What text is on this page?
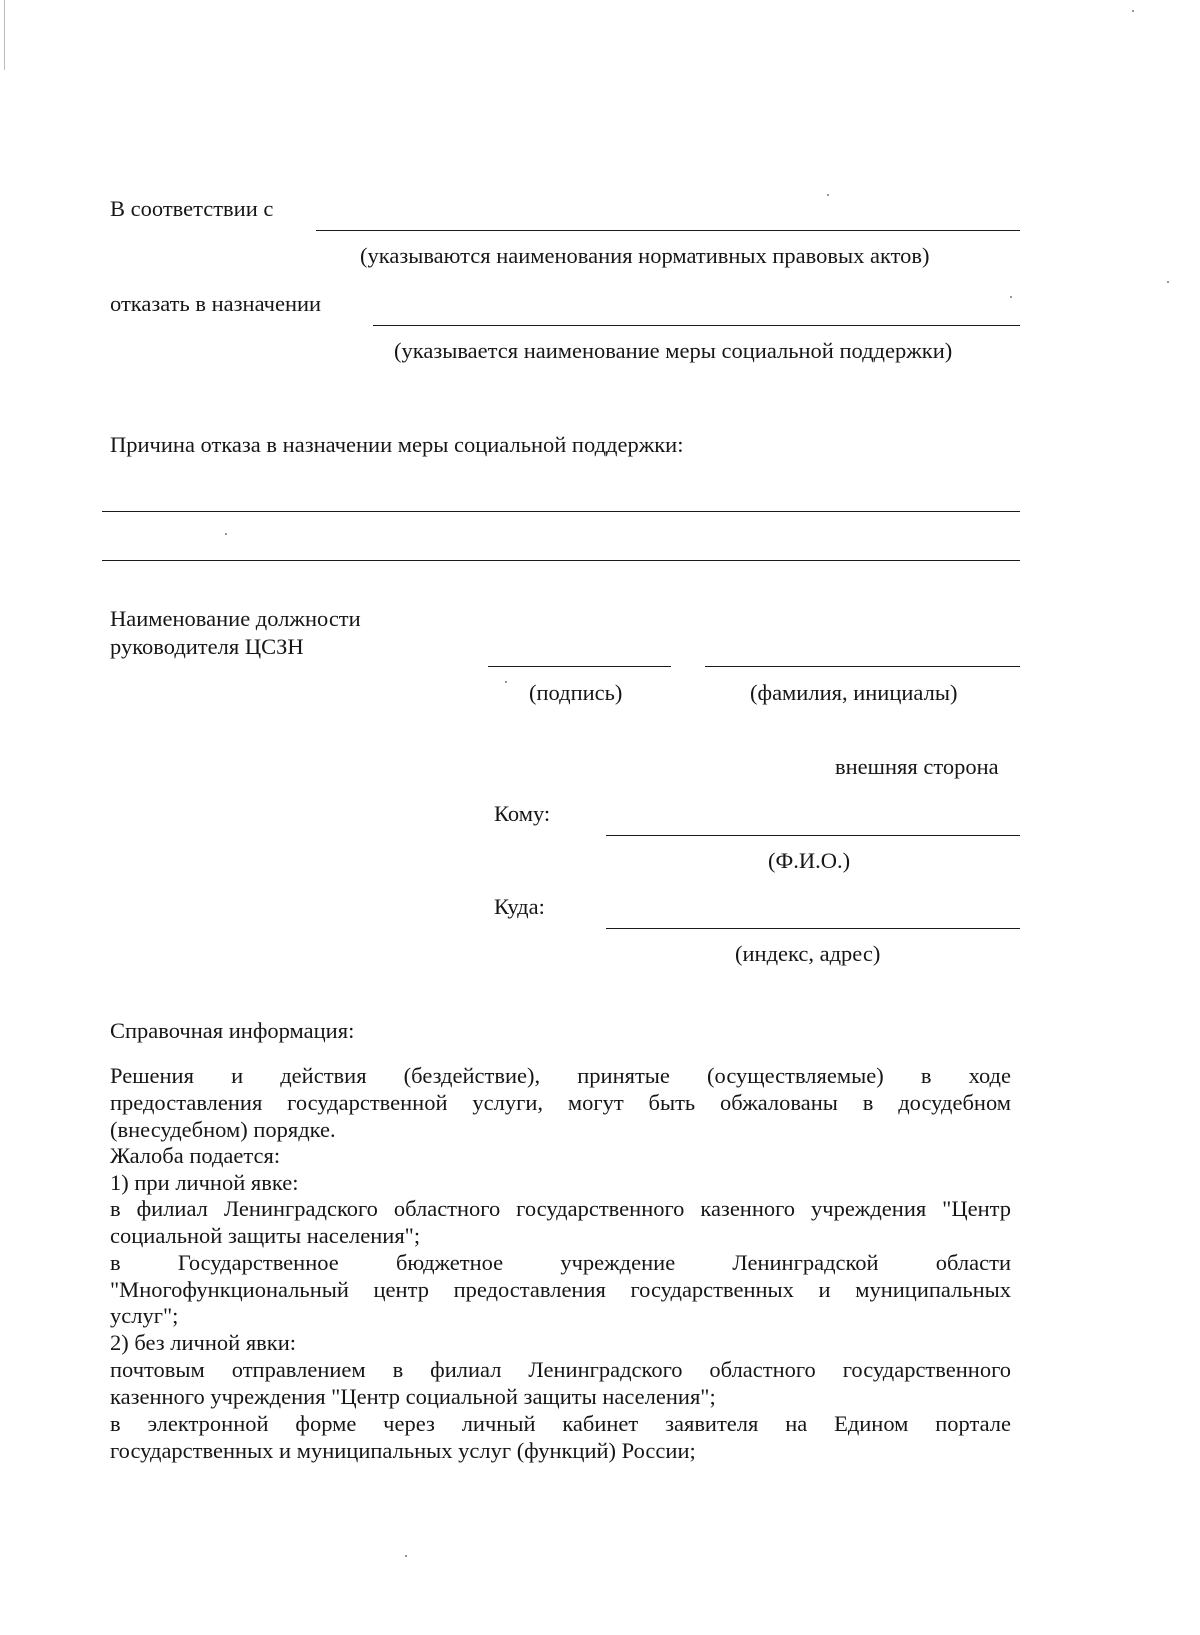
В соответствии с
(указываются наименования нормативных правовых актов)
отказать в назначении
(указывается наименование меры социальной поддержки)
Причина отказа в назначении меры социальной поддержки:
Наименование должности
руководителя ЦСЗН
(подпись)	(фамилия, инициалы)
внешняя сторона
Кому:
(Ф.И.О.)
Куда:
(индекс, адрес)
Справочная информация:
Решения и действия (бездействие), принятые (осуществляемые) в ходе
предоставления государственной услуги, могут быть обжалованы в досудебном
(внесудебном) порядке.
Жалоба подается:
1) при личной явке:
в филиал Ленинградского областного государственного казенного учреждения "Центр
социальной защиты населения";
в Государственное бюджетное учреждение Ленинградской области
"Многофункциональный центр предоставления государственных и муниципальных
услуг";
2) без личной явки:
почтовым отправлением в филиал Ленинградского областного государственного
казенного учреждения "Центр социальной защиты населения";
в электронной форме через личный кабинет заявителя на Едином портале
государственных и муниципальных услуг (функций) России;
